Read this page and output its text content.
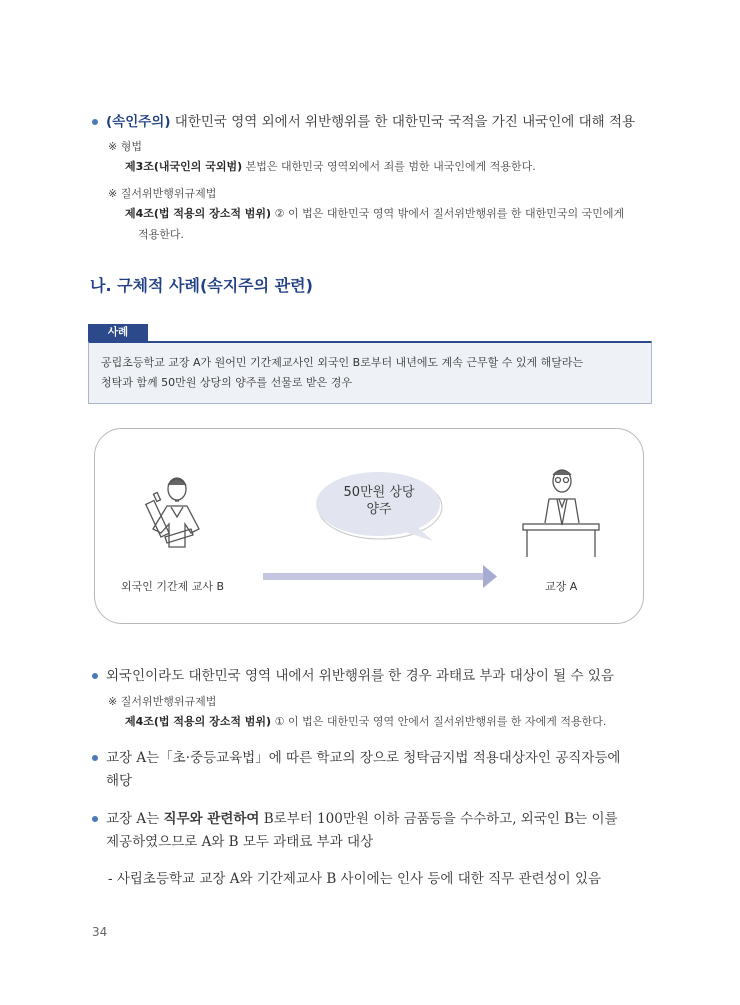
(속인주의) 대한민국 영역 외에서 위반행위를 한 대한민국 국적을 가진 내국인에 대해 적용
※ 형법
제3조(내국인의 국외범) 본법은 대한민국 영역외에서 죄를 범한 내국인에게 적용한다.
※ 질서위반행위규제법
제4조(법 적용의 장소적 범위) ② 이 법은 대한민국 영역 밖에서 질서위반행위를 한 대한민국의 국민에게
적용한다.
나. 구체적 사례(속지주의 관련)
사례
공립초등학교 교장 A가 원어민 기간제교사인 외국인 B로부터 내년에도 계속 근무할 수 있게 해달라는
청탁과 함께 50만원 상당의 양주를 선물로 받은 경우
50만원 상당
양주
외국인 기간제 교사 B	교장 A
외국인이라도 대한민국 영역 내에서 위반행위를 한 경우 과태료 부과 대상이 될 수 있음
※ 질서위반행위규제법
제4조(법 적용의 장소적 범위) ① 이 법은 대한민국 영역 안에서 질서위반행위를 한 자에게 적용한다.
교장 A는「초·중등교육법」에 따른 학교의 장으로 청탁금지법 적용대상자인 공직자등에
해당
교장 A는 직무와 관련하여 B로부터 100만원 이하 금품등을 수수하고, 외국인 B는 이를
제공하였으므로 A와 B 모두 과태료 부과 대상
- 사립초등학교 교장 A와 기간제교사 B 사이에는 인사 등에 대한 직무 관련성이 있음
34
